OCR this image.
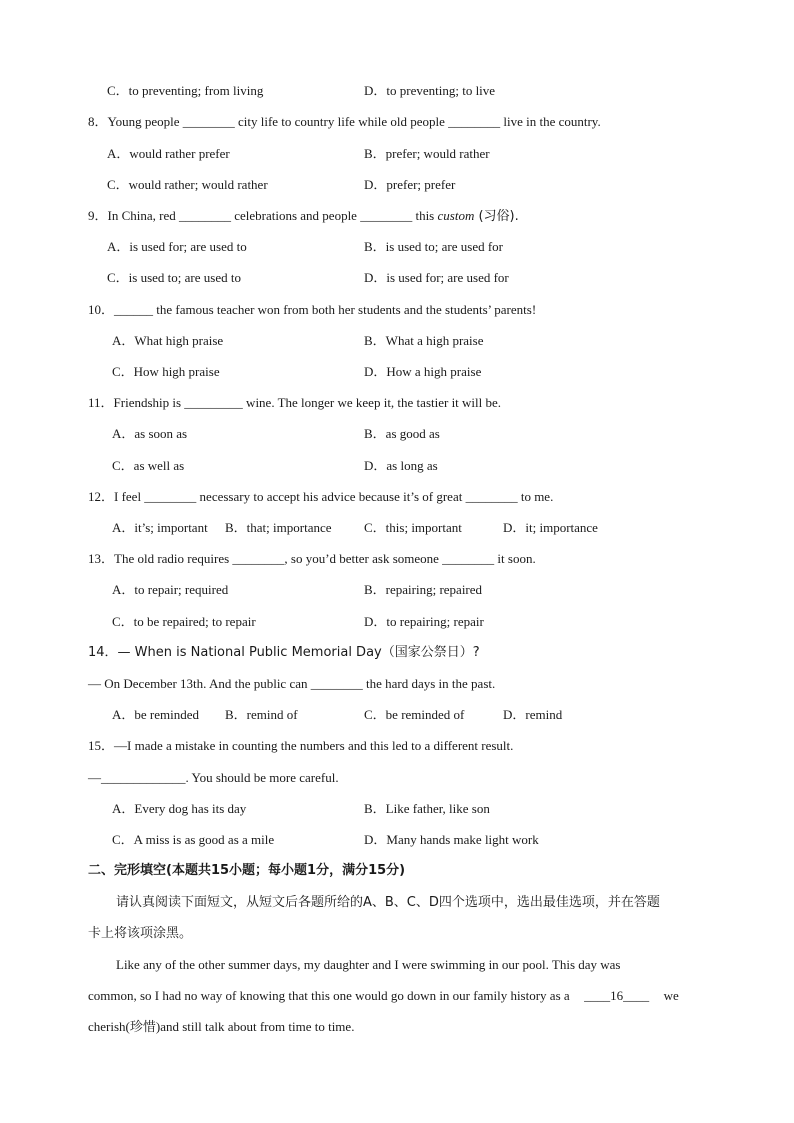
C．to preventing; from living	D．to preventing; to live
8．Young people ________ city life to country life while old people ________ live in the country.
A．would rather prefer	B．prefer; would rather
C．would rather; would rather	D．prefer; prefer
9．In China, red ________ celebrations and people ________ this custom (习俗).
A．is used for; are used to	B．is used to; are used for
C．is used to; are used to	D．is used for; are used for
10．______ the famous teacher won from both her students and the students’ parents!
A．What high praise	B．What a high praise
C．How high praise	D．How a high praise
11．Friendship is _________ wine. The longer we keep it, the tastier it will be.
A．as soon as	B．as good as
C．as well as	D．as long as
12．I feel ________ necessary to accept his advice because it’s of great ________ to me.
A．it’s; important B．that; importance C．this; important	D．it; importance
13．The old radio requires ________, so you’d better ask someone ________ it soon.
A．to repair; required	B．repairing; repaired
C．to be repaired; to repair	D．to repairing; repair
14．— When is National Public Memorial Day（国家公祭日）?
— On December 13th. And the public can ________ the hard days in the past.
A．be reminded B．remind of	C．be reminded of	D．remind
15．—I made a mistake in counting the numbers and this led to a different result.
—_____________. You should be more careful.
A．Every dog has its day	B．Like father, like son
C．A miss is as good as a mile	D．Many hands make light work
二、完形填空(本题共15小题；每小题1分，满分15分)
请认真阅读下面短文，从短文后各题所给的A、B、C、D四个选项中，选出最佳选项，并在答题
卡上将该项涂黑。
Like any of the other summer days, my daughter and I were swimming in our pool. This day was
common, so I had no way of knowing that this one would go down in our family history as a ____16____ we
cherish(珍惜)and still talk about from time to time.
